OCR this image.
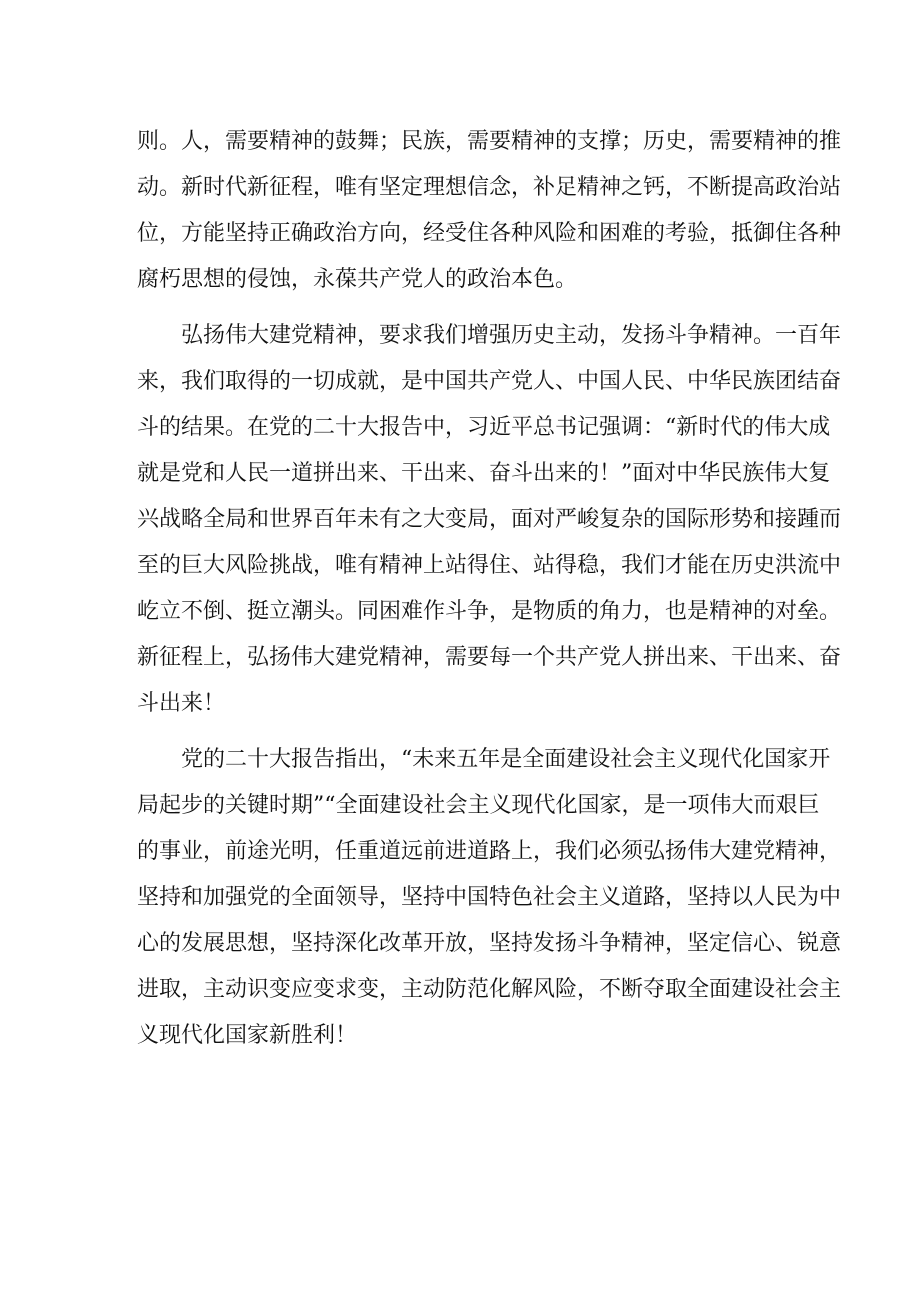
则。人，需要精神的鼓舞；民族，需要精神的支撑；历史，需要精神的推
动。新时代新征程，唯有坚定理想信念，补足精神之钙，不断提高政治站
位，方能坚持正确政治方向，经受住各种风险和困难的考验，抵御住各种
腐朽思想的侵蚀，永葆共产党人的政治本色。
　　弘扬伟大建党精神，要求我们增强历史主动，发扬斗争精神。一百年
来，我们取得的一切成就，是中国共产党人、中国人民、中华民族团结奋
斗的结果。在党的二十大报告中，习近平总书记强调：“新时代的伟大成
就是党和人民一道拼出来、干出来、奋斗出来的！”面对中华民族伟大复
兴战略全局和世界百年未有之大变局，面对严峻复杂的国际形势和接踵而
至的巨大风险挑战，唯有精神上站得住、站得稳，我们才能在历史洪流中
屹立不倒、挺立潮头。同困难作斗争，是物质的角力，也是精神的对垒。
新征程上，弘扬伟大建党精神，需要每一个共产党人拼出来、干出来、奋
斗出来！
　　党的二十大报告指出，“未来五年是全面建设社会主义现代化国家开
局起步的关键时期”“全面建设社会主义现代化国家，是一项伟大而艰巨
的事业，前途光明，任重道远前进道路上，我们必须弘扬伟大建党精神，
坚持和加强党的全面领导，坚持中国特色社会主义道路，坚持以人民为中
心的发展思想，坚持深化改革开放，坚持发扬斗争精神，坚定信心、锐意
进取，主动识变应变求变，主动防范化解风险，不断夺取全面建设社会主
义现代化国家新胜利！
